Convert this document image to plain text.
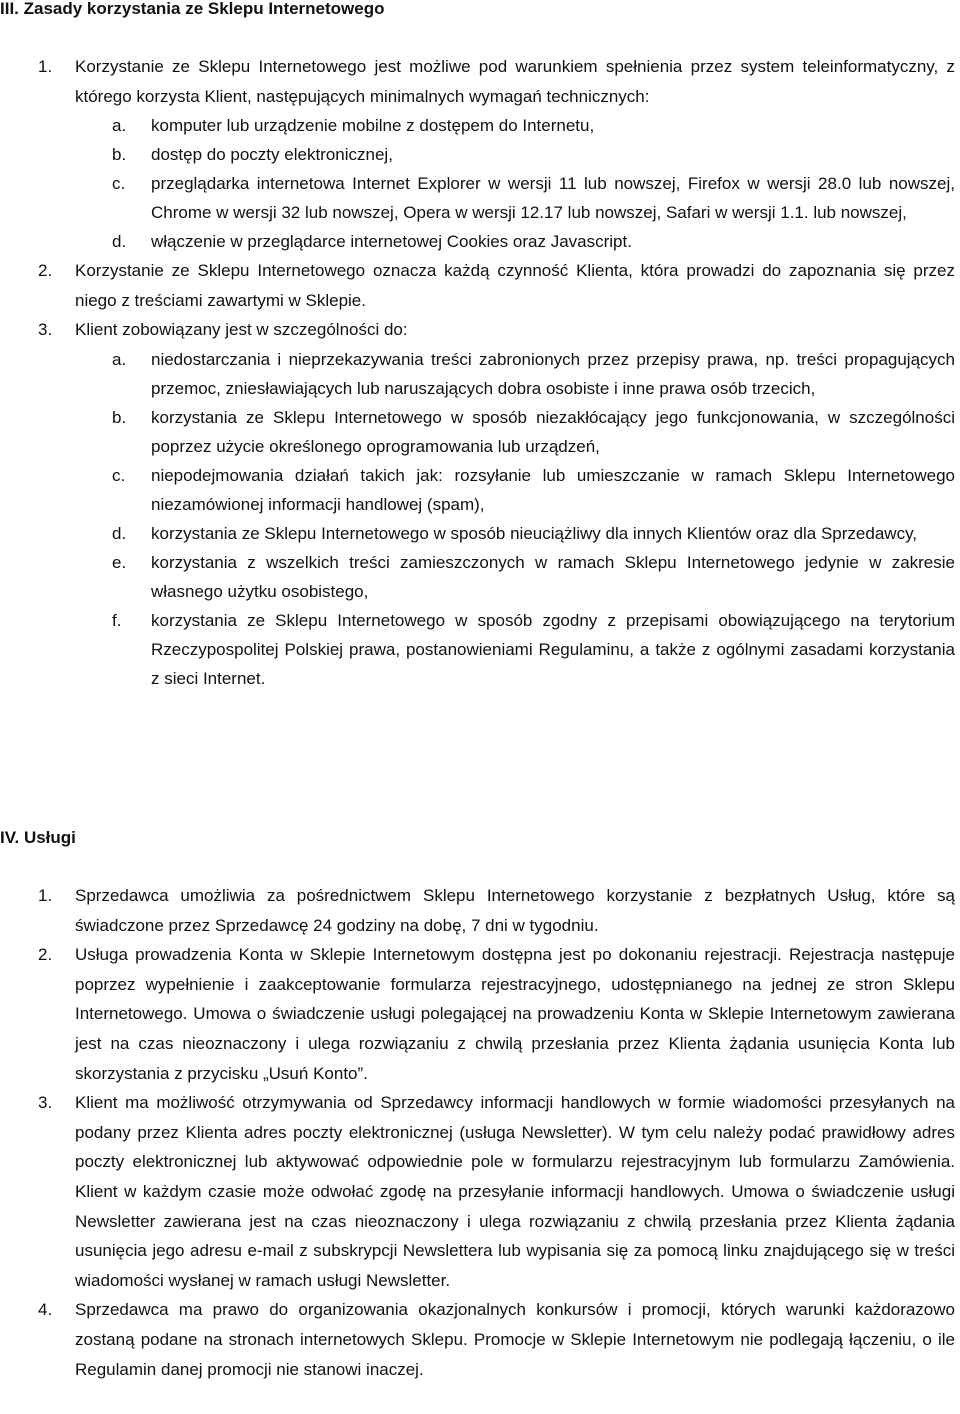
III. Zasady korzystania ze Sklepu Internetowego
1. Korzystanie ze Sklepu Internetowego jest możliwe pod warunkiem spełnienia przez system teleinformatyczny, z którego korzysta Klient, następujących minimalnych wymagań technicznych:
a. komputer lub urządzenie mobilne z dostępem do Internetu,
b. dostęp do poczty elektronicznej,
c. przeglądarka internetowa Internet Explorer w wersji 11 lub nowszej, Firefox w wersji 28.0 lub nowszej, Chrome w wersji 32 lub nowszej, Opera w wersji 12.17 lub nowszej, Safari w wersji 1.1. lub nowszej,
d. włączenie w przeglądarce internetowej Cookies oraz Javascript.
2. Korzystanie ze Sklepu Internetowego oznacza każdą czynność Klienta, która prowadzi do zapoznania się przez niego z treściami zawartymi w Sklepie.
3. Klient zobowiązany jest w szczególności do:
a. niedostarczania i nieprzekazywania treści zabronionych przez przepisy prawa, np. treści propagujących przemoc, zniesławiających lub naruszających dobra osobiste i inne prawa osób trzecich,
b. korzystania ze Sklepu Internetowego w sposób niezakłócający jego funkcjonowania, w szczególności poprzez użycie określonego oprogramowania lub urządzeń,
c. niepodejmowania działań takich jak: rozsyłanie lub umieszczanie w ramach Sklepu Internetowego niezamówionej informacji handlowej (spam),
d. korzystania ze Sklepu Internetowego w sposób nieuciążliwy dla innych Klientów oraz dla Sprzedawcy,
e. korzystania z wszelkich treści zamieszczonych w ramach Sklepu Internetowego jedynie w zakresie własnego użytku osobistego,
f. korzystania ze Sklepu Internetowego w sposób zgodny z przepisami obowiązującego na terytorium Rzeczypospolitej Polskiej prawa, postanowieniami Regulaminu, a także z ogólnymi zasadami korzystania z sieci Internet.
IV. Usługi
1. Sprzedawca umożliwia za pośrednictwem Sklepu Internetowego korzystanie z bezpłatnych Usług, które są świadczone przez Sprzedawcę 24 godziny na dobę, 7 dni w tygodniu.
2. Usługa prowadzenia Konta w Sklepie Internetowym dostępna jest po dokonaniu rejestracji. Rejestracja następuje poprzez wypełnienie i zaakceptowanie formularza rejestracyjnego, udostępnianego na jednej ze stron Sklepu Internetowego. Umowa o świadczenie usługi polegającej na prowadzeniu Konta w Sklepie Internetowym zawierana jest na czas nieoznaczony i ulega rozwiązaniu z chwilą przesłania przez Klienta żądania usunięcia Konta lub skorzystania z przycisku „Usuń Konto”.
3. Klient ma możliwość otrzymywania od Sprzedawcy informacji handlowych w formie wiadomości przesyłanych na podany przez Klienta adres poczty elektronicznej (usługa Newsletter). W tym celu należy podać prawidłowy adres poczty elektronicznej lub aktywować odpowiednie pole w formularzu rejestracyjnym lub formularzu Zamówienia. Klient w każdym czasie może odwołać zgodę na przesyłanie informacji handlowych. Umowa o świadczenie usługi Newsletter zawierana jest na czas nieoznaczony i ulega rozwiązaniu z chwilą przesłania przez Klienta żądania usunięcia jego adresu e-mail z subskrypcji Newslettera lub wypisania się za pomocą linku znajdującego się w treści wiadomości wysłanej w ramach usługi Newsletter.
4. Sprzedawca ma prawo do organizowania okazjonalnych konkursów i promocji, których warunki każdorazowo zostaną podane na stronach internetowych Sklepu. Promocje w Sklepie Internetowym nie podlegają łączeniu, o ile Regulamin danej promocji nie stanowi inaczej.
